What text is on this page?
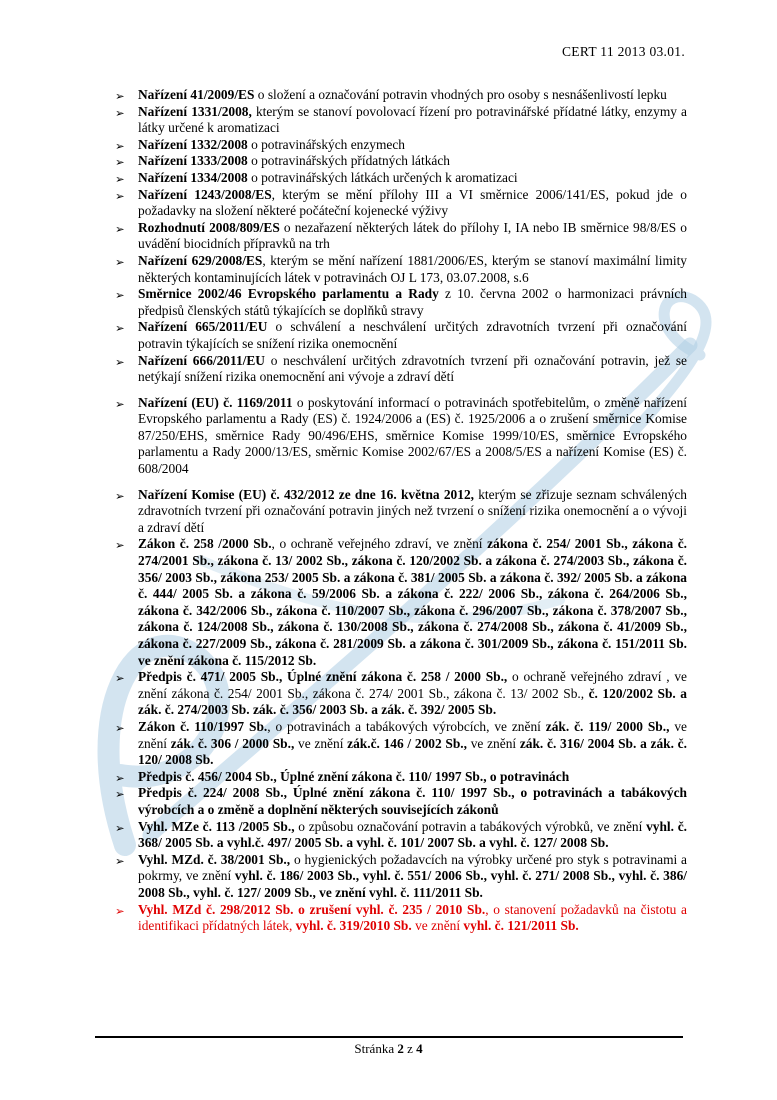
CERT 11 2013 03.01.
➢ Nařízení 41/2009/ES o složení a označování potravin vhodných pro osoby s nesnášenlivostí lepku
➢ Nařízení 1331/2008, kterým se stanoví povolovací řízení pro potravinářské přídatné látky, enzymy a látky určené k aromatizaci
➢ Nařízení 1332/2008 o potravinářských enzymech
➢ Nařízení 1333/2008 o potravinářských přídatných látkách
➢ Nařízení 1334/2008 o potravinářských látkách určených k aromatizaci
➢ Nařízení 1243/2008/ES, kterým se mění přílohy III a VI směrnice 2006/141/ES, pokud jde o požadavky na složení některé počáteční kojenecké výživy
➢ Rozhodnutí 2008/809/ES o nezařazení některých látek do přílohy I, IA nebo IB směrnice 98/8/ES o uvádění biocidních přípravků na trh
➢ Nařízení 629/2008/ES, kterým se mění nařízení 1881/2006/ES, kterým se stanoví maximální limity některých kontaminujících látek v potravinách OJ L 173, 03.07.2008, s.6
➢ Směrnice 2002/46 Evropského parlamentu a Rady z 10. června 2002 o harmonizaci právních předpisů členských států týkajících se doplňků stravy
➢ Nařízení 665/2011/EU o schválení a neschválení určitých zdravotních tvrzení při označování potravin týkajících se snížení rizika onemocnění
➢ Nařízení 666/2011/EU o neschválení určitých zdravotních tvrzení při označování potravin, jež se netýkají snížení rizika onemocnění ani vývoje a zdraví dětí
➢ Nařízení (EU) č. 1169/2011 o poskytování informací o potravinách spotřebitelům, o změně nařízení Evropského parlamentu a Rady (ES) č. 1924/2006 a (ES) č. 1925/2006 a o zrušení směrnice Komise 87/250/EHS, směrnice Rady 90/496/EHS, směrnice Komise 1999/10/ES, směrnice Evropského parlamentu a Rady 2000/13/ES, směrnic Komise 2002/67/ES a 2008/5/ES a nařízení Komise (ES) č. 608/2004
➢ Nařízení Komise (EU) č. 432/2012 ze dne 16. května 2012, kterým se zřizuje seznam schválených zdravotních tvrzení při označování potravin jiných než tvrzení o snížení rizika onemocnění a o vývoji a zdraví dětí
➢ Zákon č. 258 /2000 Sb., o ochraně veřejného zdraví, ve znění zákona č. 254/ 2001 Sb., zákona č. 274/2001 Sb., zákona č. 13/ 2002 Sb., zákona č. 120/2002 Sb. a zákona č. 274/2003 Sb., zákona č. 356/ 2003 Sb., zákona 253/ 2005 Sb. a zákona č. 381/ 2005 Sb. a zákona č. 392/ 2005 Sb. a zákona č. 444/ 2005 Sb. a zákona č. 59/2006 Sb. a zákona č. 222/ 2006 Sb., zákona č. 264/2006 Sb., zákona č. 342/2006 Sb., zákona č. 110/2007 Sb., zákona č. 296/2007 Sb., zákona č. 378/2007 Sb., zákona č. 124/2008 Sb., zákona č. 130/2008 Sb., zákona č. 274/2008 Sb., zákona č. 41/2009 Sb., zákona č. 227/2009 Sb., zákona č. 281/2009 Sb. a zákona č. 301/2009 Sb., zákona č. 151/2011 Sb. ve znění zákona č. 115/2012 Sb.
➢ Předpis č. 471/ 2005 Sb., Úplné znění zákona č. 258 / 2000 Sb., o ochraně veřejného zdraví , ve znění zákona č. 254/ 2001 Sb., zákona č. 274/ 2001 Sb., zákona č. 13/ 2002 Sb., č. 120/2002 Sb. a zák. č. 274/2003 Sb. zák. č. 356/ 2003 Sb. a zák. č. 392/ 2005 Sb.
➢ Zákon č. 110/1997 Sb., o potravinách a tabákových výrobcích, ve znění zák. č. 119/ 2000 Sb., ve znění zák. č. 306 / 2000 Sb., ve znění zák.č. 146 / 2002 Sb., ve znění zák. č. 316/ 2004 Sb. a zák. č. 120/ 2008 Sb.
➢ Předpis č. 456/ 2004 Sb., Úplné znění zákona č. 110/ 1997 Sb., o potravinách
➢ Předpis č. 224/ 2008 Sb., Úplné znění zákona č. 110/ 1997 Sb., o potravinách a tabákových výrobcích a o změně a doplnění některých souvisejících zákonů
➢ Vyhl. MZe č. 113 /2005 Sb., o způsobu označování potravin a tabákových výrobků, ve znění vyhl. č. 368/ 2005 Sb. a vyhl.č. 497/ 2005 Sb. a vyhl. č. 101/ 2007 Sb. a vyhl. č. 127/ 2008 Sb.
➢ Vyhl. MZd. č. 38/2001 Sb., o hygienických požadavcích na výrobky určené pro styk s potravinami a pokrmy, ve znění vyhl. č. 186/ 2003 Sb., vyhl. č. 551/ 2006 Sb., vyhl. č. 271/ 2008 Sb., vyhl. č. 386/ 2008 Sb., vyhl. č. 127/ 2009 Sb., ve znění vyhl. č. 111/2011 Sb.
➢ Vyhl. MZd č. 298/2012 Sb. o zrušení vyhl. č. 235 / 2010 Sb., o stanovení požadavků na čistotu a identifikaci přídatných látek, vyhl. č. 319/2010 Sb. ve znění vyhl. č. 121/2011 Sb.
Stránka 2 z 4
